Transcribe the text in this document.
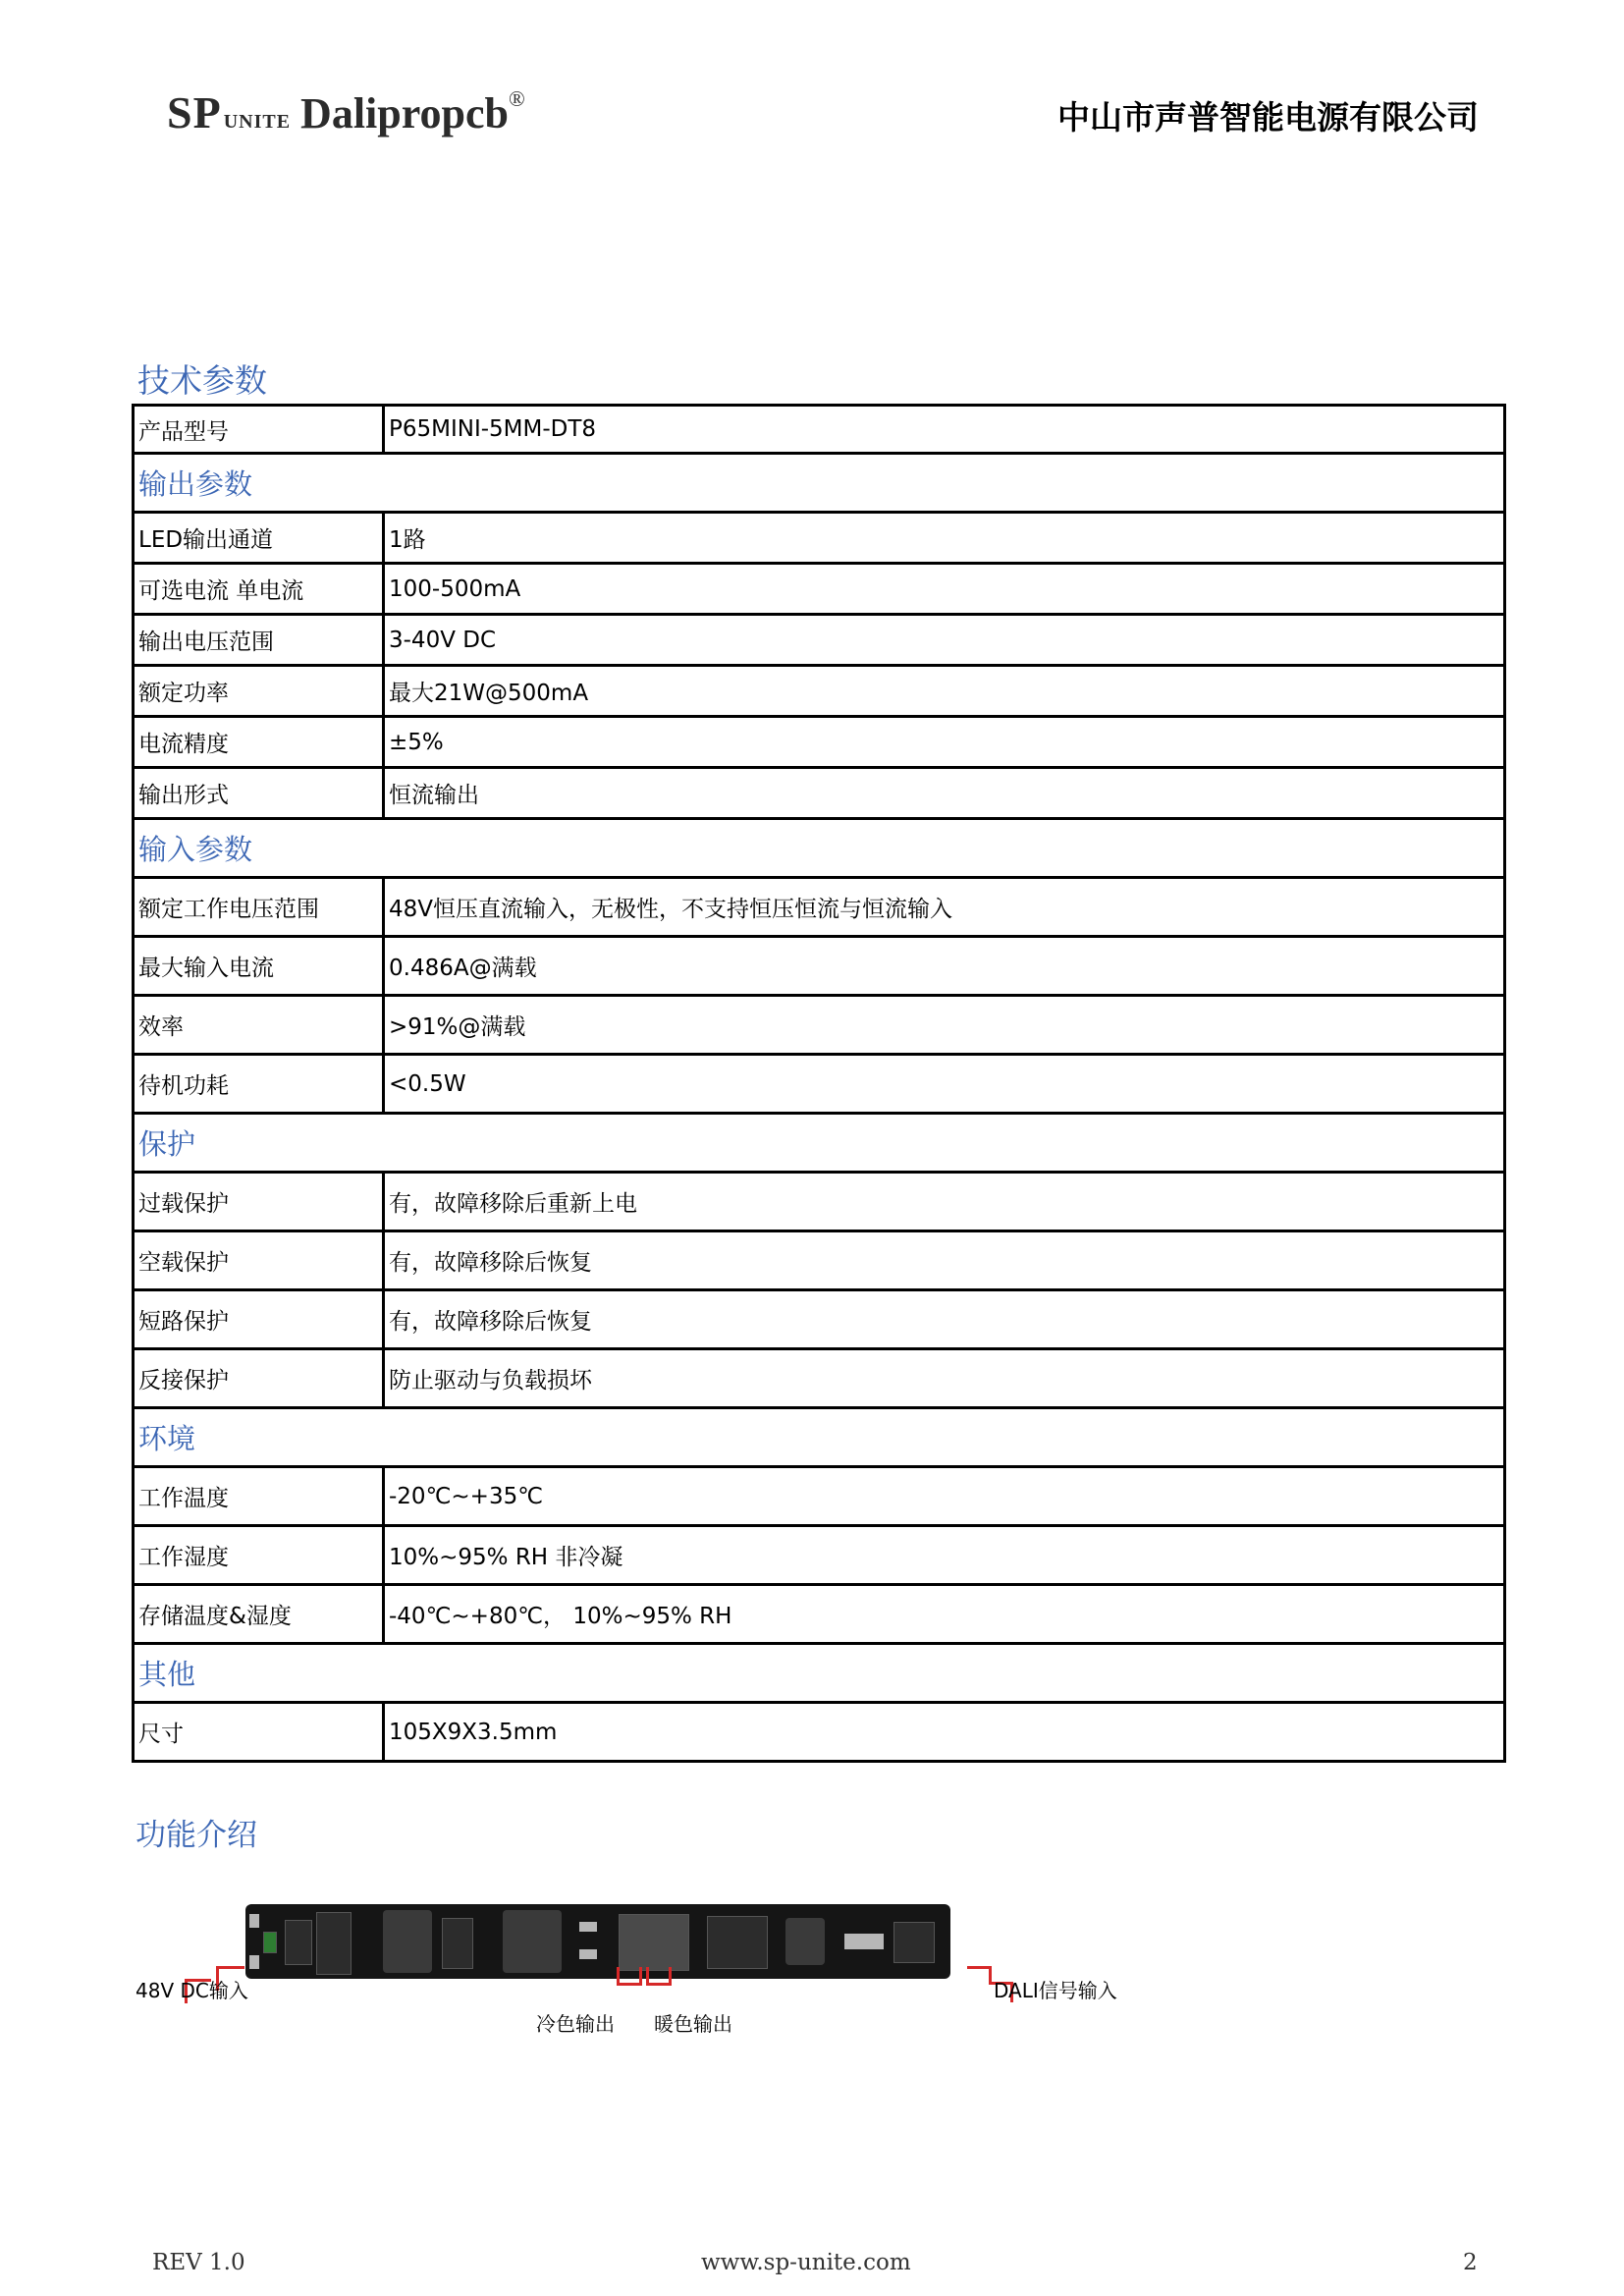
SP UNITE Dalipropcb®	中山市声普智能电源有限公司
技术参数
产品型号	P65MINI-5MM-DT8
输出参数	
LED输出通道	1路
可选电流 单电流	100-500mA
输出电压范围	3-40V DC
额定功率	最大21W@500mA
电流精度	±5%
输出形式	恒流输出
输入参数	
额定工作电压范围	48V恒压直流输入，无极性，不支持恒压恒流与恒流输入
最大输入电流	0.486A@满载
效率	>91%@满载
待机功耗	<0.5W
保护	
过载保护	有，故障移除后重新上电
空载保护	有，故障移除后恢复
短路保护	有，故障移除后恢复
反接保护	防止驱动与负载损坏
环境	
工作温度	-20℃~+35℃
工作湿度	10%~95% RH 非冷凝
存储温度&湿度	-40℃~+80℃， 10%~95% RH
其他	
尺寸	105X9X3.5mm
功能介绍
48V DC输入	DALI信号输入
冷色输出 暖色输出
REV 1.0	www.sp-unite.com	2
